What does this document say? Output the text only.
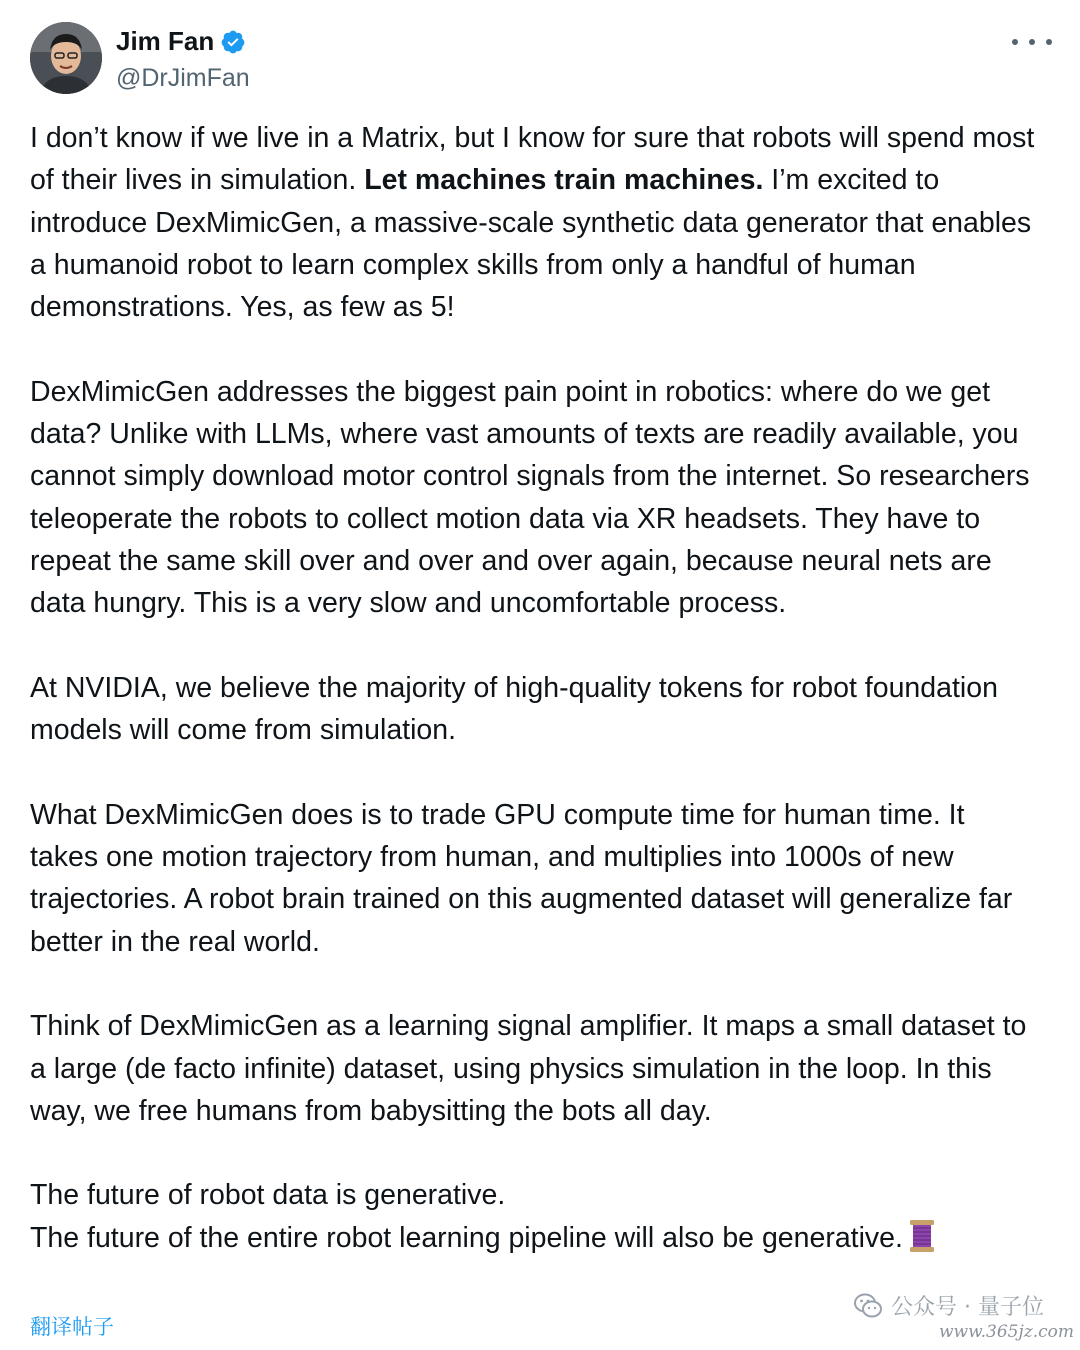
Jim Fan
@DrJimFan

I don’t know if we live in a Matrix, but I know for sure that robots will spend most of their lives in simulation. Let machines train machines. I’m excited to introduce DexMimicGen, a massive-scale synthetic data generator that enables a humanoid robot to learn complex skills from only a handful of human demonstrations. Yes, as few as 5!

DexMimicGen addresses the biggest pain point in robotics: where do we get data? Unlike with LLMs, where vast amounts of texts are readily available, you cannot simply download motor control signals from the internet. So researchers teleoperate the robots to collect motion data via XR headsets. They have to repeat the same skill over and over and over again, because neural nets are data hungry. This is a very slow and uncomfortable process.

At NVIDIA, we believe the majority of high-quality tokens for robot foundation models will come from simulation.

What DexMimicGen does is to trade GPU compute time for human time. It takes one motion trajectory from human, and multiplies into 1000s of new trajectories. A robot brain trained on this augmented dataset will generalize far better in the real world.

Think of DexMimicGen as a learning signal amplifier. It maps a small dataset to a large (de facto infinite) dataset, using physics simulation in the loop. In this way, we free humans from babysitting the bots all day.

The future of robot data is generative.
The future of the entire robot learning pipeline will also be generative.

翻译帖子
公众号 · 量子位
www.365jz.com
